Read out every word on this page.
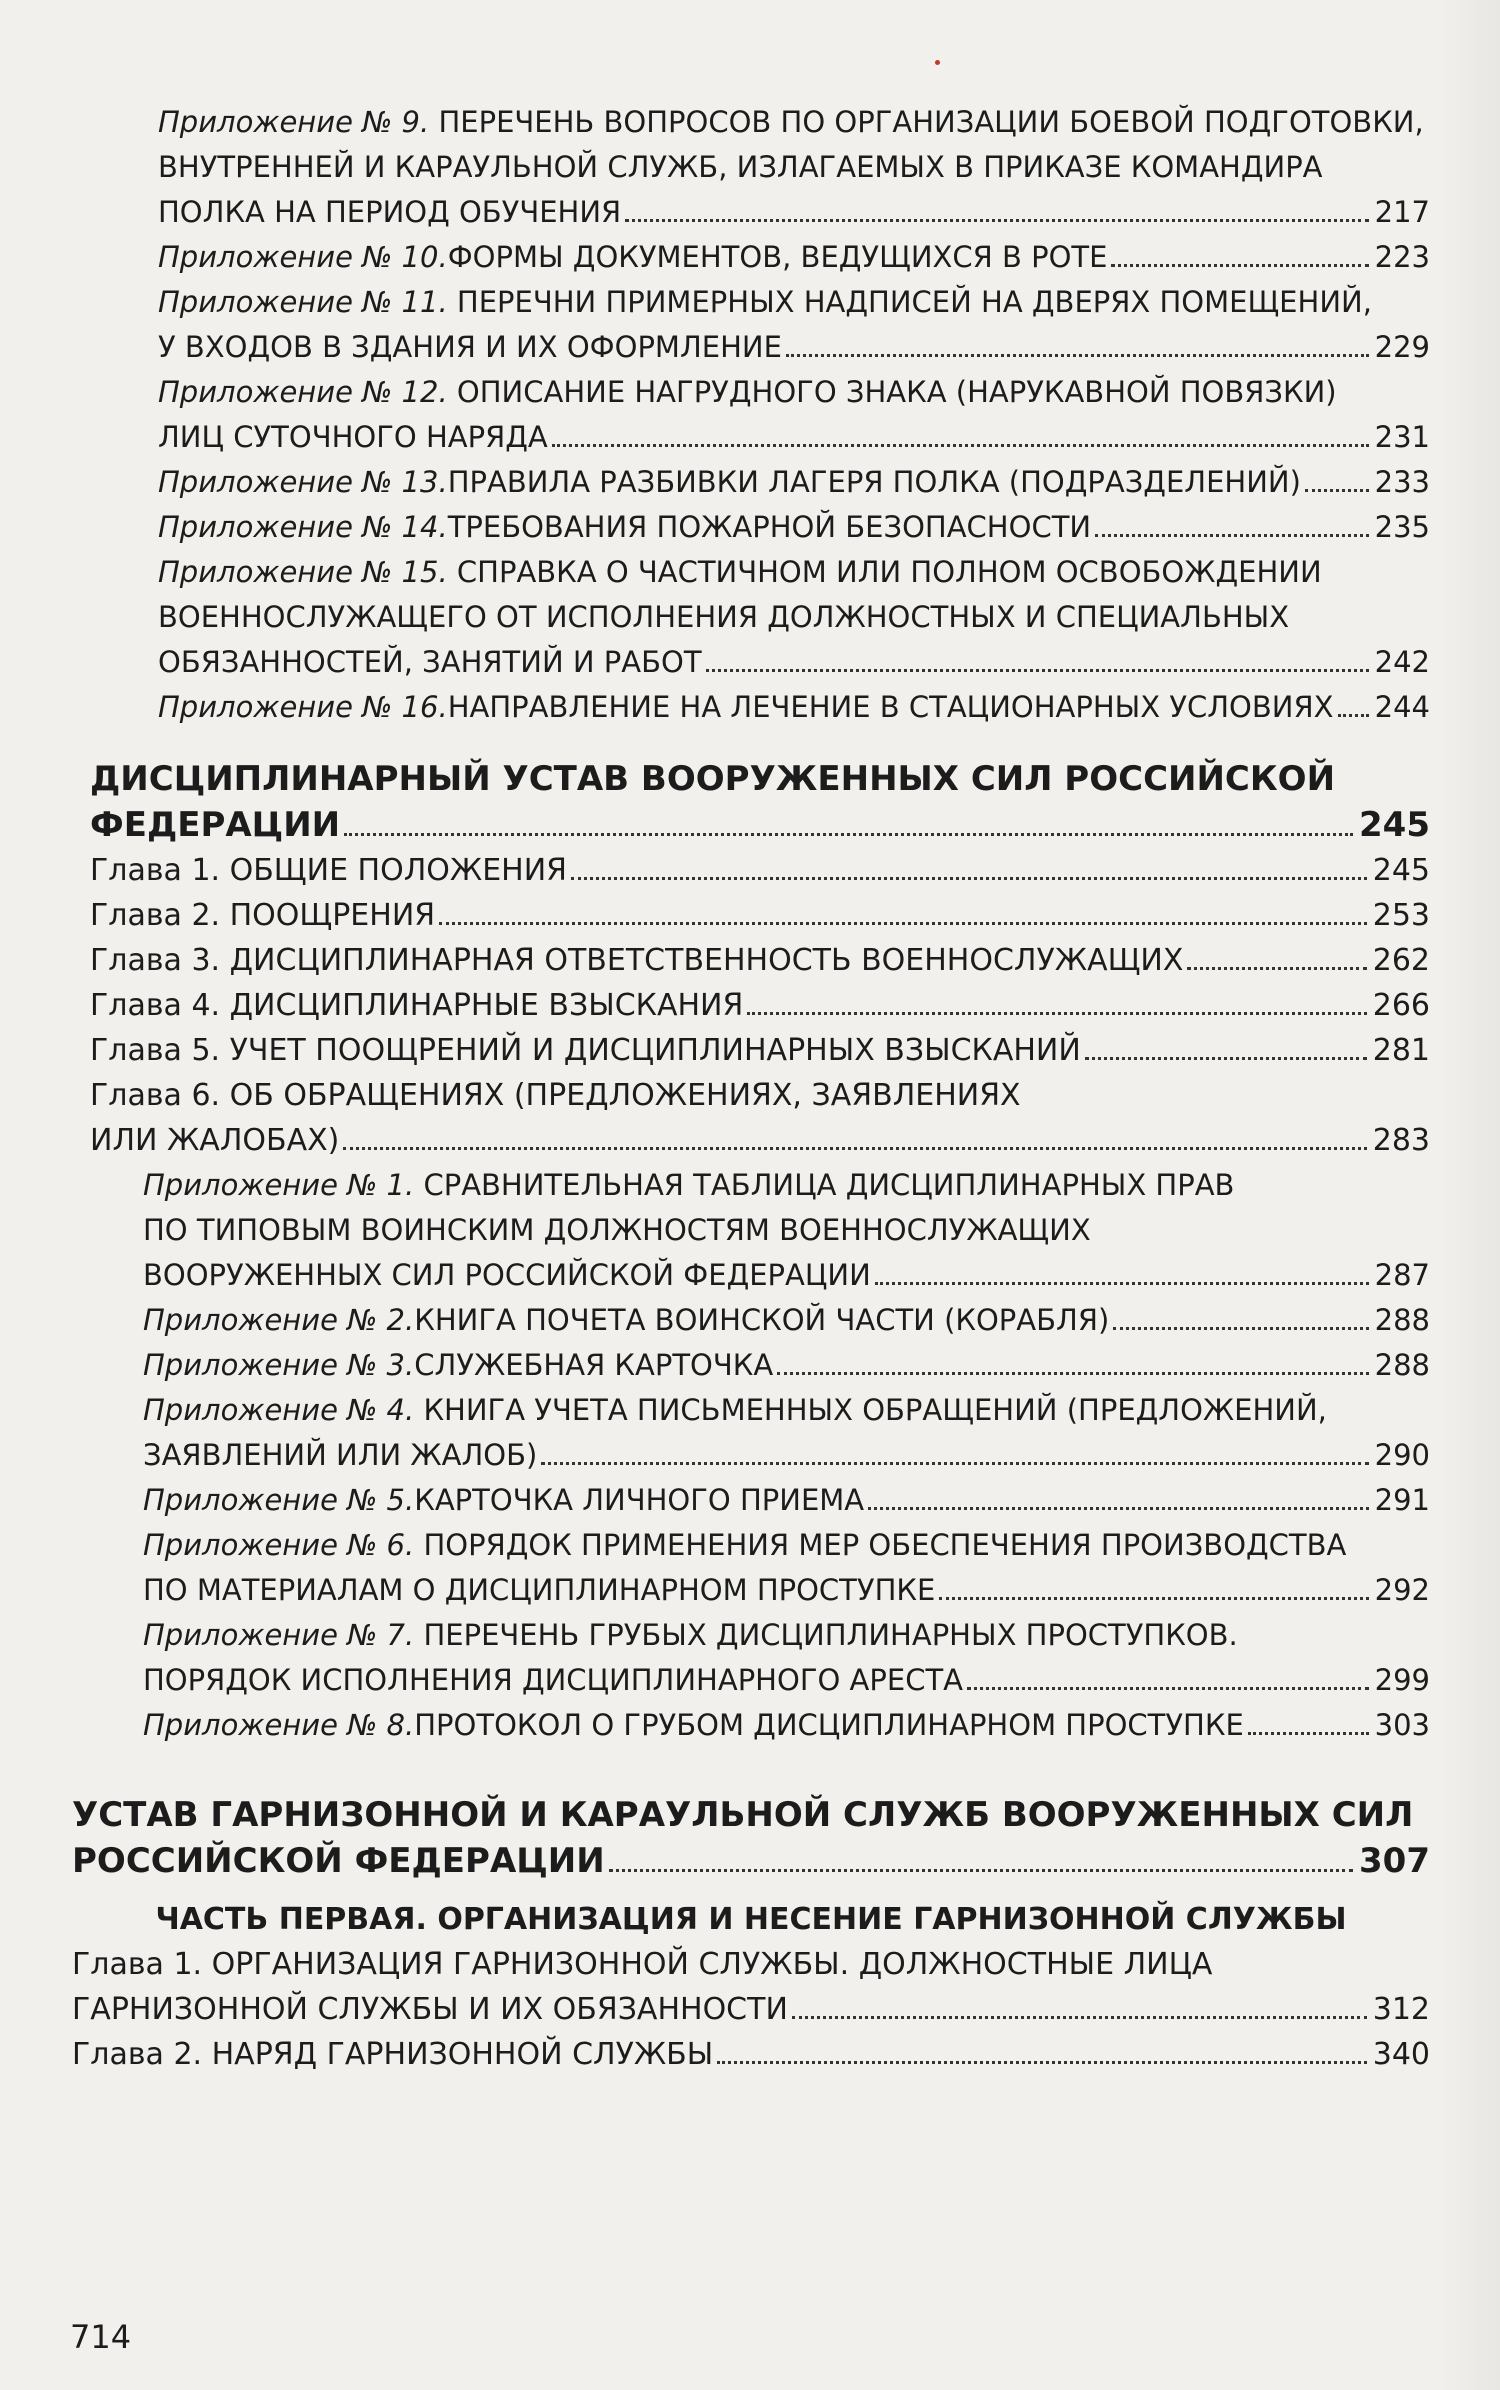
Приложение № 9. ПЕРЕЧЕНЬ ВОПРОСОВ ПО ОРГАНИЗАЦИИ БОЕВОЙ ПОДГОТОВКИ,
ВНУТРЕННЕЙ И КАРАУЛЬНОЙ СЛУЖБ, ИЗЛАГАЕМЫХ В ПРИКАЗЕ КОМАНДИРА
ПОЛКА НА ПЕРИОД ОБУЧЕНИЯ	217
Приложение № 10. ФОРМЫ ДОКУМЕНТОВ, ВЕДУЩИХСЯ В РОТЕ	223
Приложение № 11. ПЕРЕЧНИ ПРИМЕРНЫХ НАДПИСЕЙ НА ДВЕРЯХ ПОМЕЩЕНИЙ,
У ВХОДОВ В ЗДАНИЯ И ИХ ОФОРМЛЕНИЕ	229
Приложение № 12. ОПИСАНИЕ НАГРУДНОГО ЗНАКА (НАРУКАВНОЙ ПОВЯЗКИ)
ЛИЦ СУТОЧНОГО НАРЯДА	231
Приложение № 13. ПРАВИЛА РАЗБИВКИ ЛАГЕРЯ ПОЛКА (ПОДРАЗДЕЛЕНИЙ)	233
Приложение № 14. ТРЕБОВАНИЯ ПОЖАРНОЙ БЕЗОПАСНОСТИ	235
Приложение № 15. СПРАВКА О ЧАСТИЧНОМ ИЛИ ПОЛНОМ ОСВОБОЖДЕНИИ
ВОЕННОСЛУЖАЩЕГО ОТ ИСПОЛНЕНИЯ ДОЛЖНОСТНЫХ И СПЕЦИАЛЬНЫХ
ОБЯЗАННОСТЕЙ, ЗАНЯТИЙ И РАБОТ	242
Приложение № 16. НАПРАВЛЕНИЕ НА ЛЕЧЕНИЕ В СТАЦИОНАРНЫХ УСЛОВИЯХ 244
ДИСЦИПЛИНАРНЫЙ УСТАВ ВООРУЖЕННЫХ СИЛ РОССИЙСКОЙ
ФЕДЕРАЦИИ	245
Глава 1. ОБЩИЕ ПОЛОЖЕНИЯ	245
Глава 2. ПООЩРЕНИЯ	253
Глава 3. ДИСЦИПЛИНАРНАЯ ОТВЕТСТВЕННОСТЬ ВОЕННОСЛУЖАЩИХ	262
Глава 4. ДИСЦИПЛИНАРНЫЕ ВЗЫСКАНИЯ	266
Глава 5. УЧЕТ ПООЩРЕНИЙ И ДИСЦИПЛИНАРНЫХ ВЗЫСКАНИЙ	281
Глава 6. ОБ ОБРАЩЕНИЯХ (ПРЕДЛОЖЕНИЯХ, ЗАЯВЛЕНИЯХ
ИЛИ ЖАЛОБАХ)	283
Приложение № 1. СРАВНИТЕЛЬНАЯ ТАБЛИЦА ДИСЦИПЛИНАРНЫХ ПРАВ
ПО ТИПОВЫМ ВОИНСКИМ ДОЛЖНОСТЯМ ВОЕННОСЛУЖАЩИХ
ВООРУЖЕННЫХ СИЛ РОССИЙСКОЙ ФЕДЕРАЦИИ	287
Приложение № 2. КНИГА ПОЧЕТА ВОИНСКОЙ ЧАСТИ (КОРАБЛЯ)	288
Приложение № 3. СЛУЖЕБНАЯ КАРТОЧКА	288
Приложение № 4. КНИГА УЧЕТА ПИСЬМЕННЫХ ОБРАЩЕНИЙ (ПРЕДЛОЖЕНИЙ,
ЗАЯВЛЕНИЙ ИЛИ ЖАЛОБ)	290
Приложение № 5. КАРТОЧКА ЛИЧНОГО ПРИЕМА	291
Приложение № 6. ПОРЯДОК ПРИМЕНЕНИЯ МЕР ОБЕСПЕЧЕНИЯ ПРОИЗВОДСТВА
ПО МАТЕРИАЛАМ О ДИСЦИПЛИНАРНОМ ПРОСТУПКЕ	292
Приложение № 7. ПЕРЕЧЕНЬ ГРУБЫХ ДИСЦИПЛИНАРНЫХ ПРОСТУПКОВ.
ПОРЯДОК ИСПОЛНЕНИЯ ДИСЦИПЛИНАРНОГО АРЕСТА	299
Приложение № 8. ПРОТОКОЛ О ГРУБОМ ДИСЦИПЛИНАРНОМ ПРОСТУПКЕ	303
УСТАВ ГАРНИЗОННОЙ И КАРАУЛЬНОЙ СЛУЖБ ВООРУЖЕННЫХ СИЛ
РОССИЙСКОЙ ФЕДЕРАЦИИ	307
ЧАСТЬ ПЕРВАЯ. ОРГАНИЗАЦИЯ И НЕСЕНИЕ ГАРНИЗОННОЙ СЛУЖБЫ
Глава 1. ОРГАНИЗАЦИЯ ГАРНИЗОННОЙ СЛУЖБЫ. ДОЛЖНОСТНЫЕ ЛИЦА
ГАРНИЗОННОЙ СЛУЖБЫ И ИХ ОБЯЗАННОСТИ	312
Глава 2. НАРЯД ГАРНИЗОННОЙ СЛУЖБЫ	340
714
